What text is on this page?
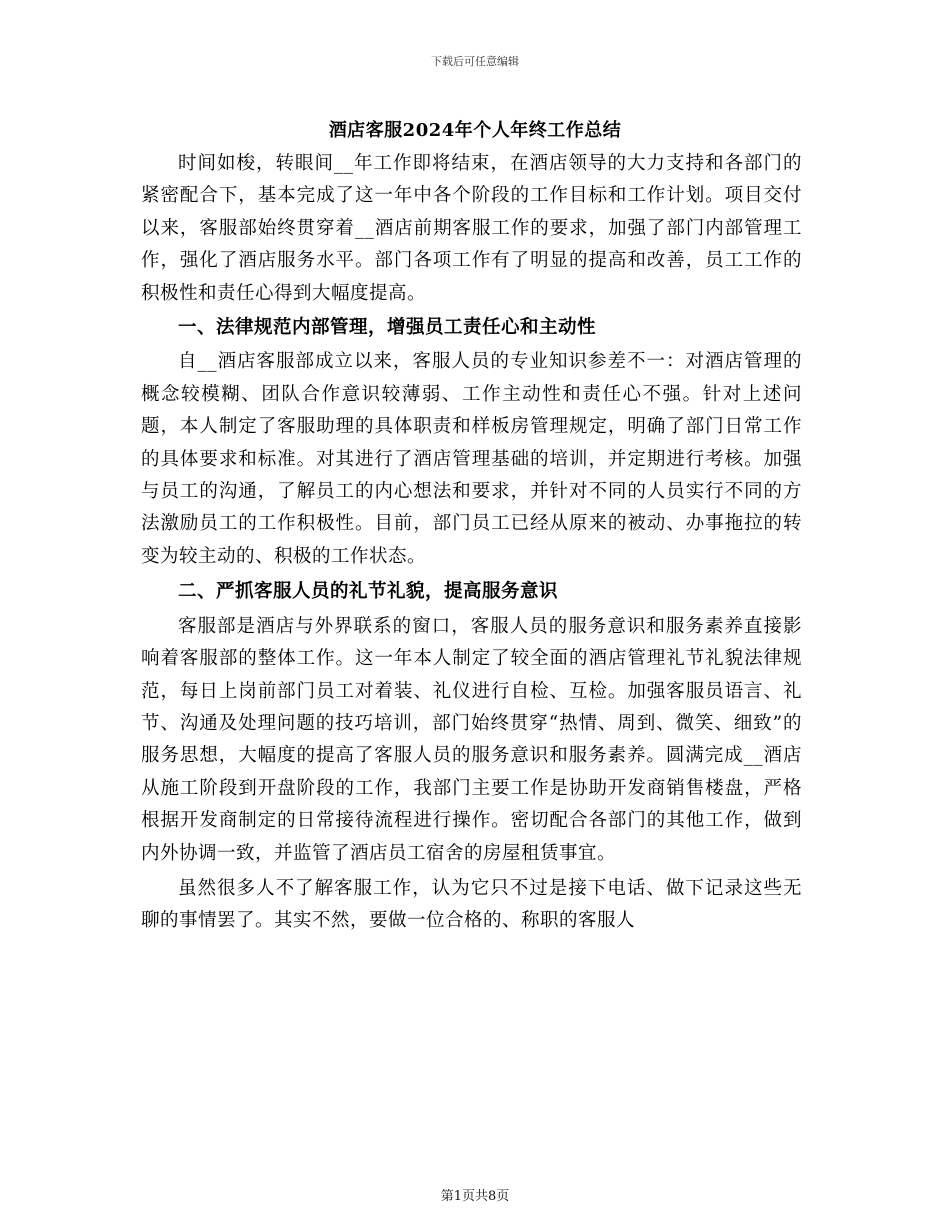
下载后可任意编辑
酒店客服2024年个人年终工作总结

时间如梭，转眼间__年工作即将结束，在酒店领导的大力支持和各部门的紧密配合下，基本完成了这一年中各个阶段的工作目标和工作计划。项目交付以来，客服部始终贯穿着__酒店前期客服工作的要求，加强了部门内部管理工作，强化了酒店服务水平。部门各项工作有了明显的提高和改善，员工工作的积极性和责任心得到大幅度提高。

一、法律规范内部管理，增强员工责任心和主动性

自__酒店客服部成立以来，客服人员的专业知识参差不一：对酒店管理的概念较模糊、团队合作意识较薄弱、工作主动性和责任心不强。针对上述问题，本人制定了客服助理的具体职责和样板房管理规定，明确了部门日常工作的具体要求和标准。对其进行了酒店管理基础的培训，并定期进行考核。加强与员工的沟通，了解员工的内心想法和要求，并针对不同的人员实行不同的方法激励员工的工作积极性。目前，部门员工已经从原来的被动、办事拖拉的转变为较主动的、积极的工作状态。

二、严抓客服人员的礼节礼貌，提高服务意识

客服部是酒店与外界联系的窗口，客服人员的服务意识和服务素养直接影响着客服部的整体工作。这一年本人制定了较全面的酒店管理礼节礼貌法律规范，每日上岗前部门员工对着装、礼仪进行自检、互检。加强客服员语言、礼节、沟通及处理问题的技巧培训，部门始终贯穿“热情、周到、微笑、细致”的服务思想，大幅度的提高了客服人员的服务意识和服务素养。圆满完成__酒店从施工阶段到开盘阶段的工作，我部门主要工作是协助开发商销售楼盘，严格根据开发商制定的日常接待流程进行操作。密切配合各部门的其他工作，做到内外协调一致，并监管了酒店员工宿舍的房屋租赁事宜。

虽然很多人不了解客服工作，认为它只不过是接下电话、做下记录这些无聊的事情罢了。其实不然，要做一位合格的、称职的客服人

第1页共8页
